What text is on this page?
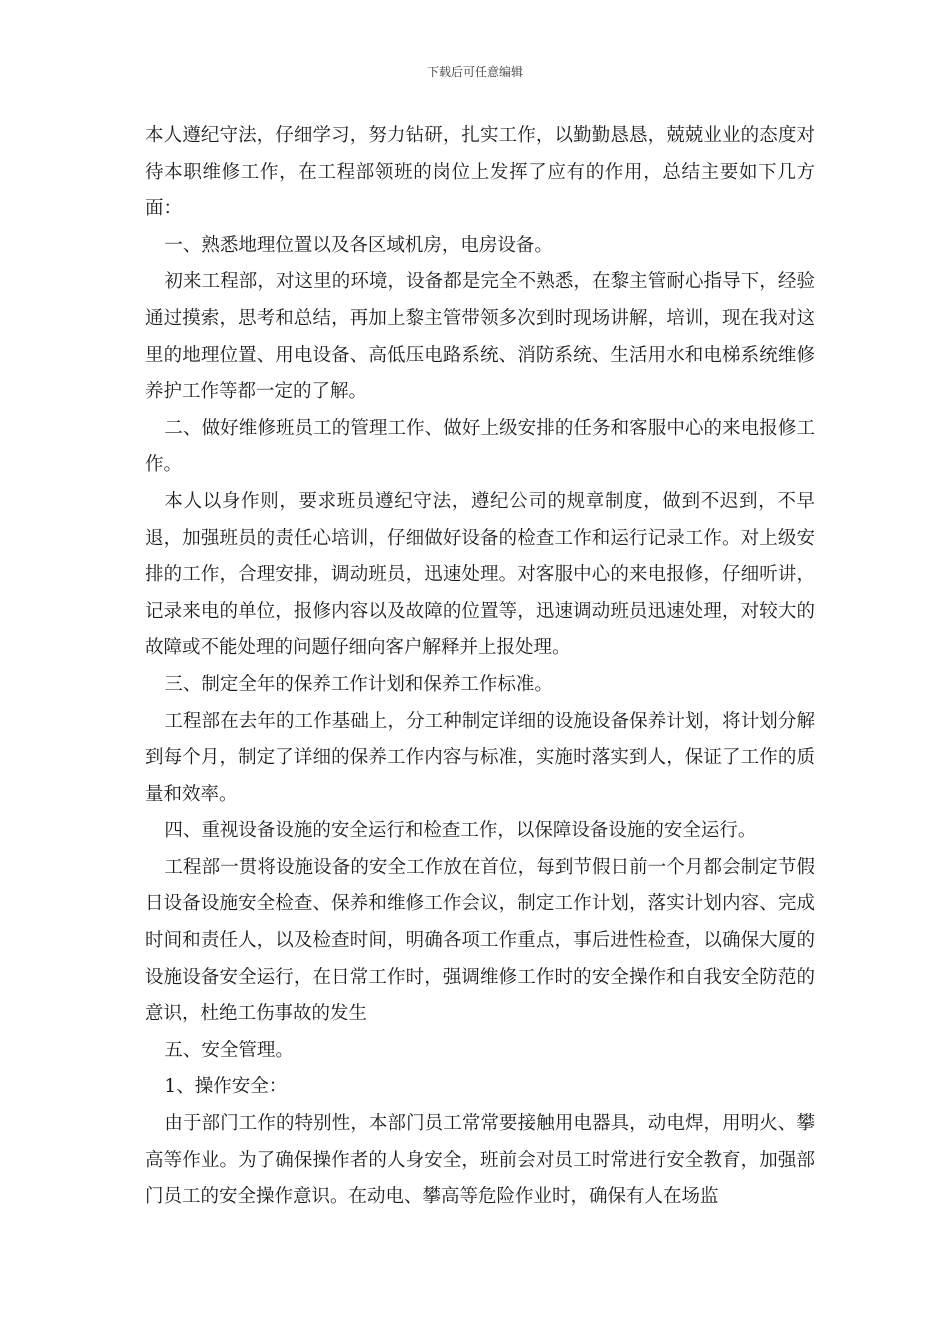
下载后可任意编辑

本人遵纪守法，仔细学习，努力钻研，扎实工作，以勤勤恳恳，兢兢业业的态度对待本职维修工作，在工程部领班的岗位上发挥了应有的作用，总结主要如下几方面：

一、熟悉地理位置以及各区域机房，电房设备。

初来工程部，对这里的环境，设备都是完全不熟悉，在黎主管耐心指导下，经验通过摸索，思考和总结，再加上黎主管带领多次到时现场讲解，培训，现在我对这里的地理位置、用电设备、高低压电路系统、消防系统、生活用水和电梯系统维修养护工作等都一定的了解。

二、做好维修班员工的管理工作、做好上级安排的任务和客服中心的来电报修工作。

本人以身作则，要求班员遵纪守法，遵纪公司的规章制度，做到不迟到，不早退，加强班员的责任心培训，仔细做好设备的检查工作和运行记录工作。对上级安排的工作，合理安排，调动班员，迅速处理。对客服中心的来电报修，仔细听讲，记录来电的单位，报修内容以及故障的位置等，迅速调动班员迅速处理，对较大的故障或不能处理的问题仔细向客户解释并上报处理。

三、制定全年的保养工作计划和保养工作标准。

工程部在去年的工作基础上，分工种制定详细的设施设备保养计划，将计划分解到每个月，制定了详细的保养工作内容与标准，实施时落实到人，保证了工作的质量和效率。

四、重视设备设施的安全运行和检查工作，以保障设备设施的安全运行。

工程部一贯将设施设备的安全工作放在首位，每到节假日前一个月都会制定节假日设备设施安全检查、保养和维修工作会议，制定工作计划，落实计划内容、完成时间和责任人，以及检查时间，明确各项工作重点，事后进性检查，以确保大厦的设施设备安全运行，在日常工作时，强调维修工作时的安全操作和自我安全防范的意识，杜绝工伤事故的发生

五、安全管理。

1、操作安全：

由于部门工作的特别性，本部门员工常常要接触用电器具，动电焊，用明火、攀高等作业。为了确保操作者的人身安全，班前会对员工时常进行安全教育，加强部门员工的安全操作意识。在动电、攀高等危险作业时，确保有人在场监
